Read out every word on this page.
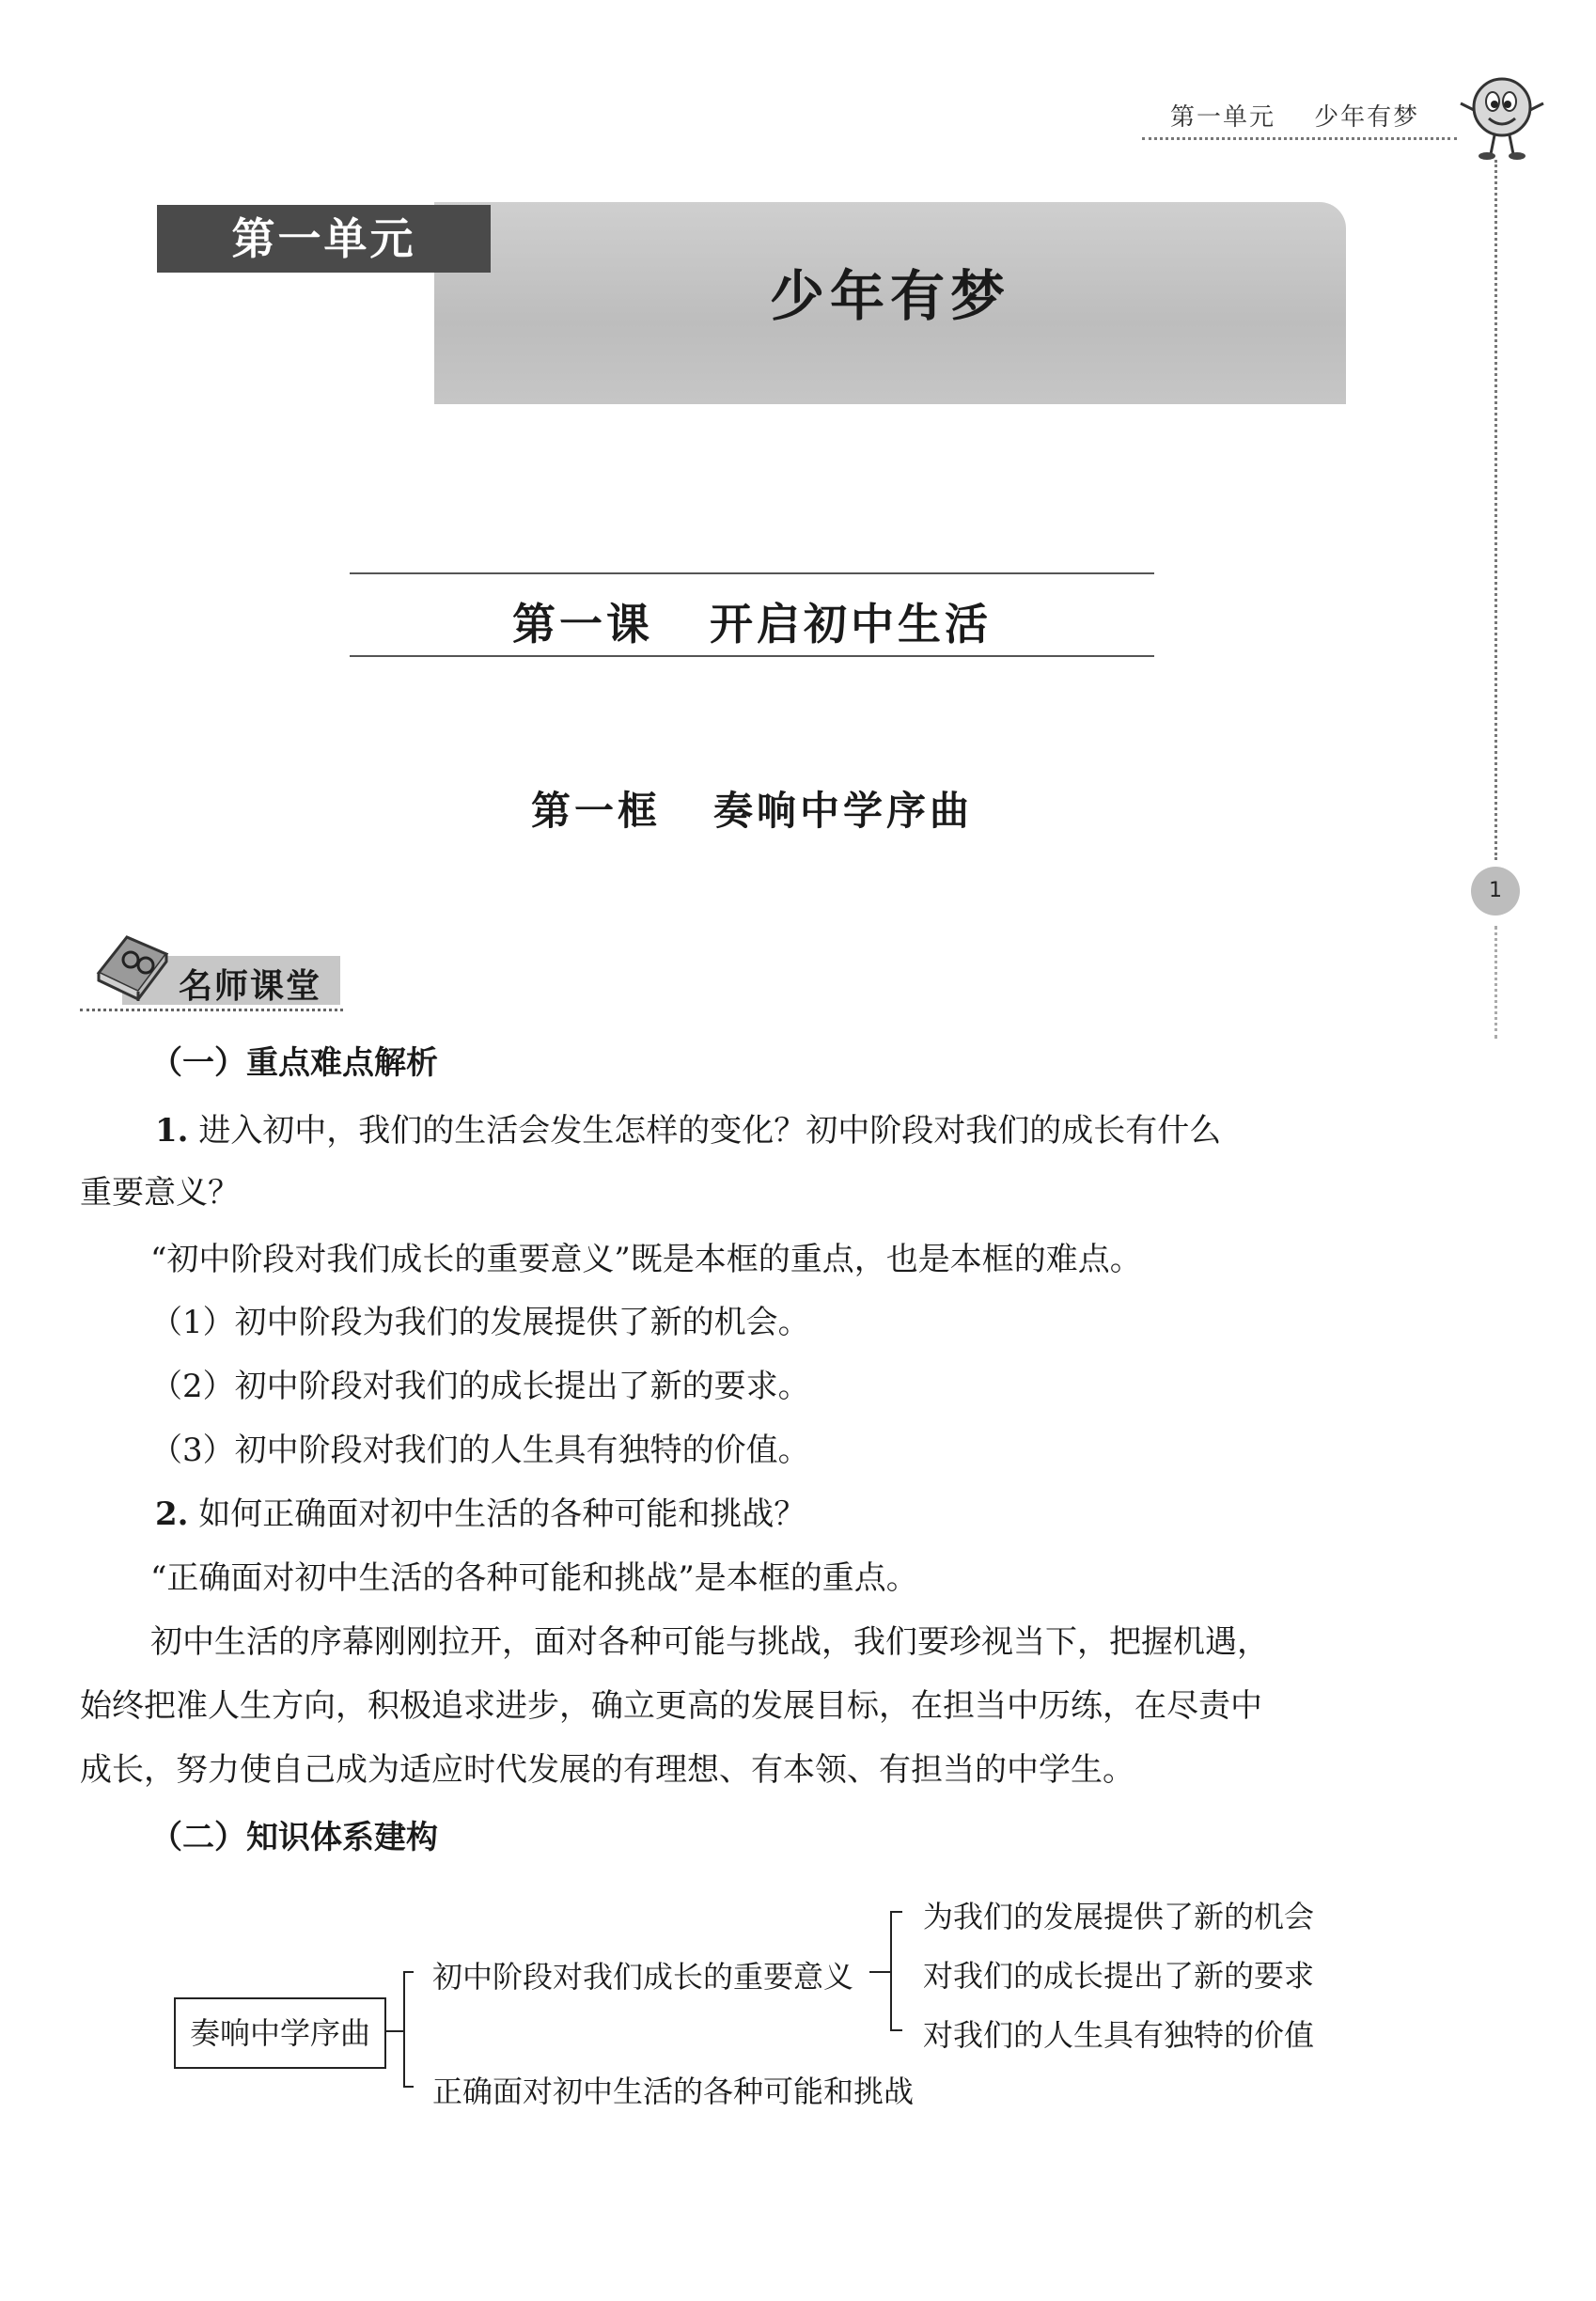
第一单元 少年有梦
第一单元
少年有梦
第一课 开启初中生活
第一框 奏响中学序曲
1
名师课堂
（一）重点难点解析
1. 进入初中，我们的生活会发生怎样的变化？初中阶段对我们的成长有什么
重要意义？
“初中阶段对我们成长的重要意义”既是本框的重点，也是本框的难点。
（1）初中阶段为我们的发展提供了新的机会。
（2）初中阶段对我们的成长提出了新的要求。
（3）初中阶段对我们的人生具有独特的价值。
2. 如何正确面对初中生活的各种可能和挑战？
“正确面对初中生活的各种可能和挑战”是本框的重点。
初中生活的序幕刚刚拉开，面对各种可能与挑战，我们要珍视当下，把握机遇，
始终把准人生方向，积极追求进步，确立更高的发展目标，在担当中历练，在尽责中
成长，努力使自己成为适应时代发展的有理想、有本领、有担当的中学生。
（二）知识体系建构
奏响中学序曲
初中阶段对我们成长的重要意义
为我们的发展提供了新的机会
对我们的成长提出了新的要求
对我们的人生具有独特的价值
正确面对初中生活的各种可能和挑战
